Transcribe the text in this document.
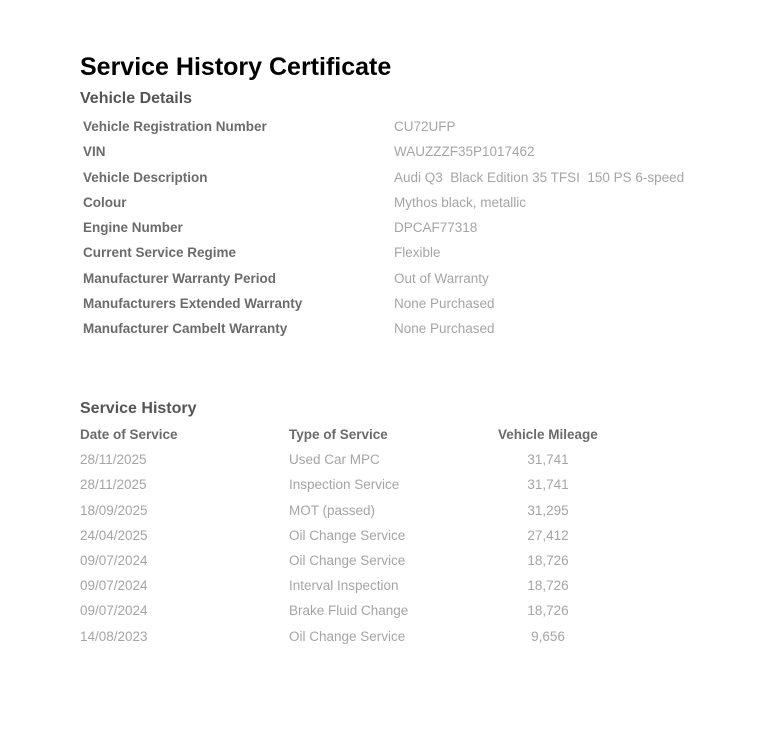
Service History Certificate
Vehicle Details
Vehicle Registration Number	CU72UFP
VIN	WAUZZZF35P1017462
Vehicle Description	Audi Q3  Black Edition 35 TFSI  150 PS 6-speed
Colour	Mythos black, metallic
Engine Number	DPCAF77318
Current Service Regime	Flexible
Manufacturer Warranty Period	Out of Warranty
Manufacturers Extended Warranty	None Purchased
Manufacturer Cambelt Warranty	None Purchased
Service History
Date of Service	Type of Service	Vehicle Mileage
28/11/2025	Used Car MPC	31,741
28/11/2025	Inspection Service	31,741
18/09/2025	MOT (passed)	31,295
24/04/2025	Oil Change Service	27,412
09/07/2024	Oil Change Service	18,726
09/07/2024	Interval Inspection	18,726
09/07/2024	Brake Fluid Change	18,726
14/08/2023	Oil Change Service	9,656
